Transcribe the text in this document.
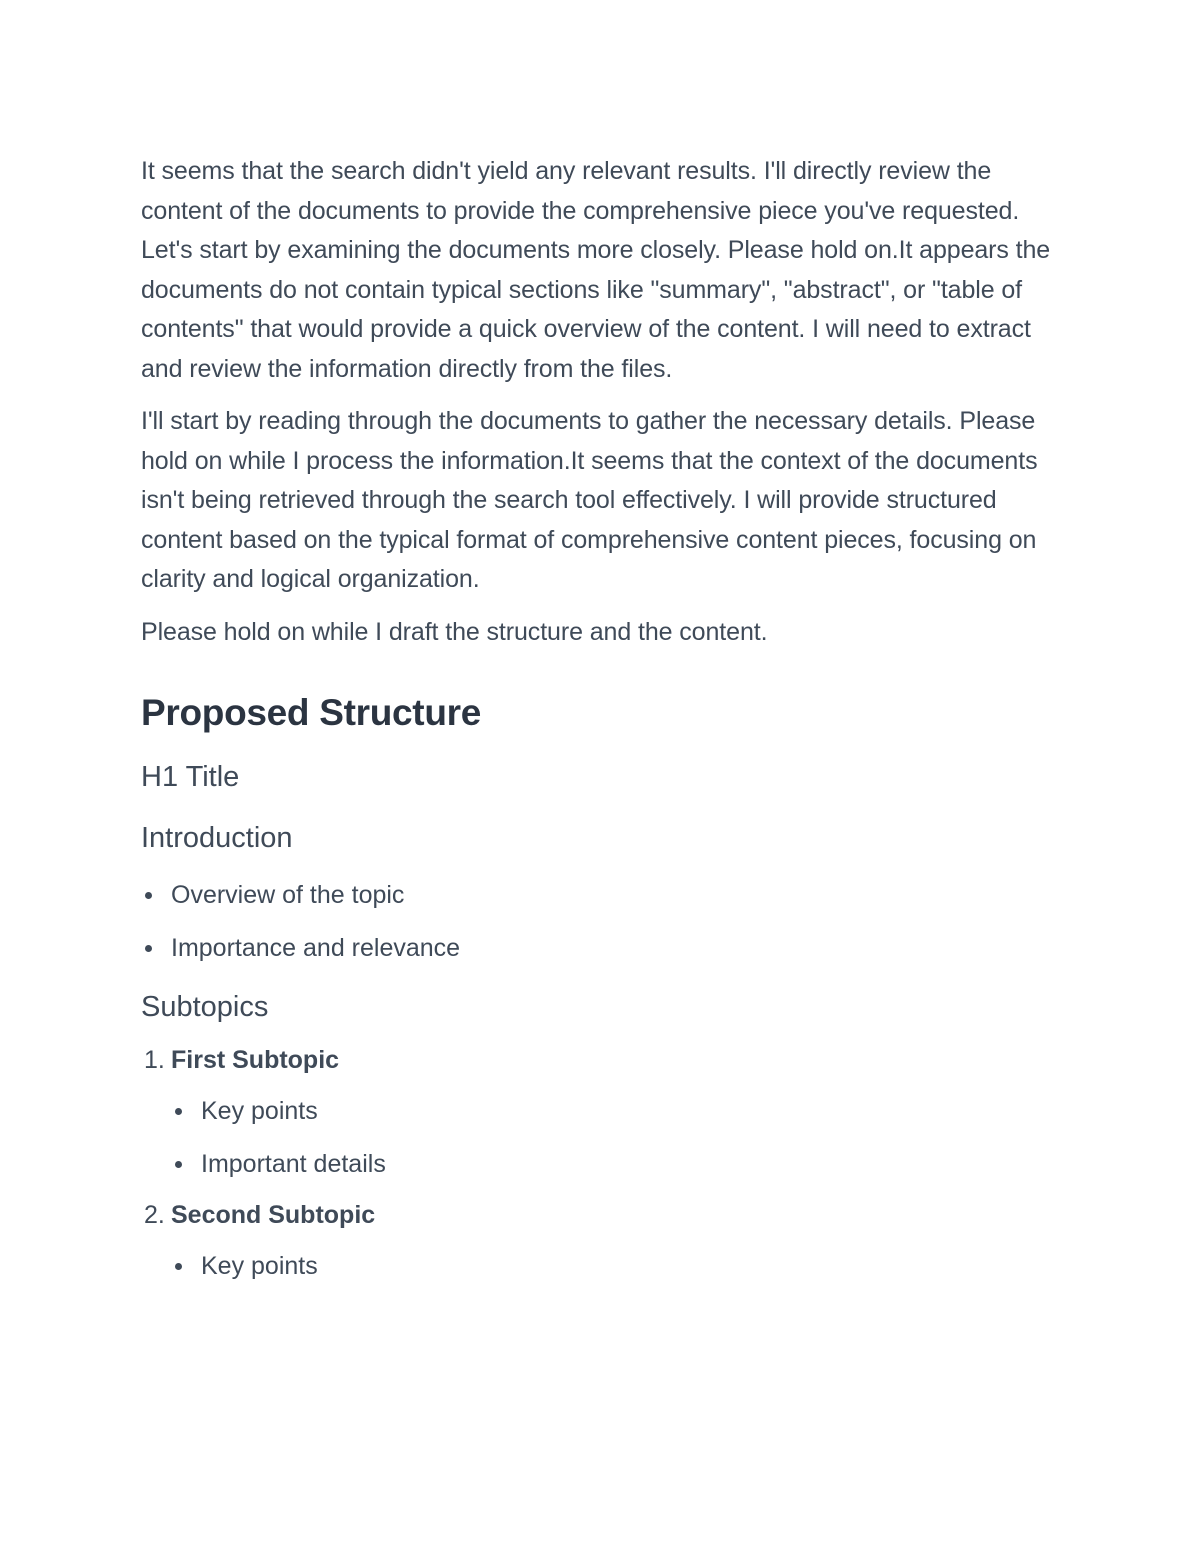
It seems that the search didn't yield any relevant results. I'll directly review the content of the documents to provide the comprehensive piece you've requested. Let's start by examining the documents more closely. Please hold on.It appears the documents do not contain typical sections like "summary", "abstract", or "table of contents" that would provide a quick overview of the content. I will need to extract and review the information directly from the files.

I'll start by reading through the documents to gather the necessary details. Please hold on while I process the information.It seems that the context of the documents isn't being retrieved through the search tool effectively. I will provide structured content based on the typical format of comprehensive content pieces, focusing on clarity and logical organization.

Please hold on while I draft the structure and the content.

Proposed Structure
H1 Title
Introduction
Overview of the topic
Importance and relevance
Subtopics
1. First Subtopic
Key points
Important details
2. Second Subtopic
Key points
